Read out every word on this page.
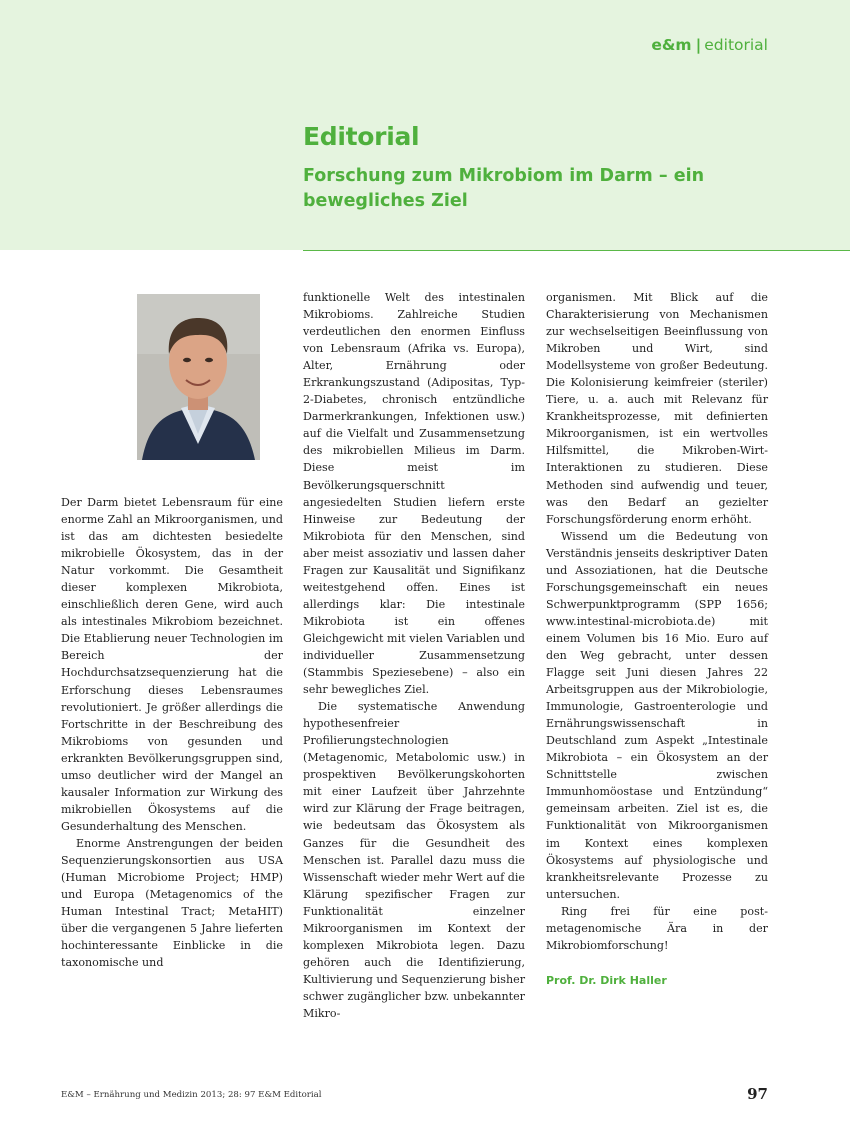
e&m | editorial
Editorial
Forschung zum Mikrobiom im Darm – ein bewegliches Ziel

Der Darm bietet Lebensraum für eine enorme Zahl an Mikroorganismen, und ist das am dichtesten besiedelte mikrobielle Ökosystem, das in der Natur vorkommt. Die Gesamtheit dieser komplexen Mikrobiota, einschließlich deren Gene, wird auch als intestinales Mikrobiom bezeichnet. Die Etablierung neuer Technologien im Bereich der Hochdurchsatzsequenzierung hat die Erforschung dieses Lebensraumes revolutioniert. Je größer allerdings die Fortschritte in der Beschreibung des Mikrobioms von gesunden und erkrankten Bevölkerungsgruppen sind, umso deutlicher wird der Mangel an kausaler Information zur Wirkung des mikrobiellen Ökosystems auf die Gesunderhaltung des Menschen.

Enorme Anstrengungen der beiden Sequenzierungskonsortien aus USA (Human Microbiome Project; HMP) und Europa (Metagenomics of the Human Intestinal Tract; MetaHIT) über die vergangenen 5 Jahre lieferten hochinteressante Einblicke in die taxonomische und

funktionelle Welt des intestinalen Mikrobioms. Zahlreiche Studien verdeutlichen den enormen Einfluss von Lebensraum (Afrika vs. Europa), Alter, Ernährung oder Erkrankungszustand (Adipositas, Typ-2-Diabetes, chronisch entzündliche Darmerkrankungen, Infektionen usw.) auf die Vielfalt und Zusammensetzung des mikrobiellen Milieus im Darm. Diese meist im Bevölkerungsquerschnitt angesiedelten Studien liefern erste Hinweise zur Bedeutung der Mikrobiota für den Menschen, sind aber meist assoziativ und lassen daher Fragen zur Kausalität und Signifikanz weitestgehend offen. Eines ist allerdings klar: Die intestinale Mikrobiota ist ein offenes Gleichgewicht mit vielen Variablen und individueller Zusammensetzung (Stammbis Speziesebene) – also ein sehr bewegliches Ziel.

Die systematische Anwendung hypothesenfreier Profilierungstechnologien (Metagenomic, Metabolomic usw.) in prospektiven Bevölkerungskohorten mit einer Laufzeit über Jahrzehnte wird zur Klärung der Frage beitragen, wie bedeutsam das Ökosystem als Ganzes für die Gesundheit des Menschen ist. Parallel dazu muss die Wissenschaft wieder mehr Wert auf die Klärung spezifischer Fragen zur Funktionalität einzelner Mikroorganismen im Kontext der komplexen Mikrobiota legen. Dazu gehören auch die Identifizierung, Kultivierung und Sequenzierung bisher schwer zugänglicher bzw. unbekannter Mikro-

organismen. Mit Blick auf die Charakterisierung von Mechanismen zur wechselseitigen Beeinflussung von Mikroben und Wirt, sind Modellsysteme von großer Bedeutung. Die Kolonisierung keimfreier (steriler) Tiere, u. a. auch mit Relevanz für Krankheitsprozesse, mit definierten Mikroorganismen, ist ein wertvolles Hilfsmittel, die Mikroben-Wirt-Interaktionen zu studieren. Diese Methoden sind aufwendig und teuer, was den Bedarf an gezielter Forschungsförderung enorm erhöht.

Wissend um die Bedeutung von Verständnis jenseits deskriptiver Daten und Assoziationen, hat die Deutsche Forschungsgemeinschaft ein neues Schwerpunktprogramm (SPP 1656; www.intestinal-microbiota.de) mit einem Volumen bis 16 Mio. Euro auf den Weg gebracht, unter dessen Flagge seit Juni diesen Jahres 22 Arbeitsgruppen aus der Mikrobiologie, Immunologie, Gastroenterologie und Ernährungswissenschaft in Deutschland zum Aspekt „Intestinale Mikrobiota – ein Ökosystem an der Schnittstelle zwischen Immunhomöostase und Entzündung“ gemeinsam arbeiten. Ziel ist es, die Funktionalität von Mikroorganismen im Kontext eines komplexen Ökosystems auf physiologische und krankheitsrelevante Prozesse zu untersuchen.

Ring frei für eine post-metagenomische Ära in der Mikrobiomforschung!

Prof. Dr. Dirk Haller

E&M – Ernährung und Medizin 2013; 28: 97 E&M Editorial	97
